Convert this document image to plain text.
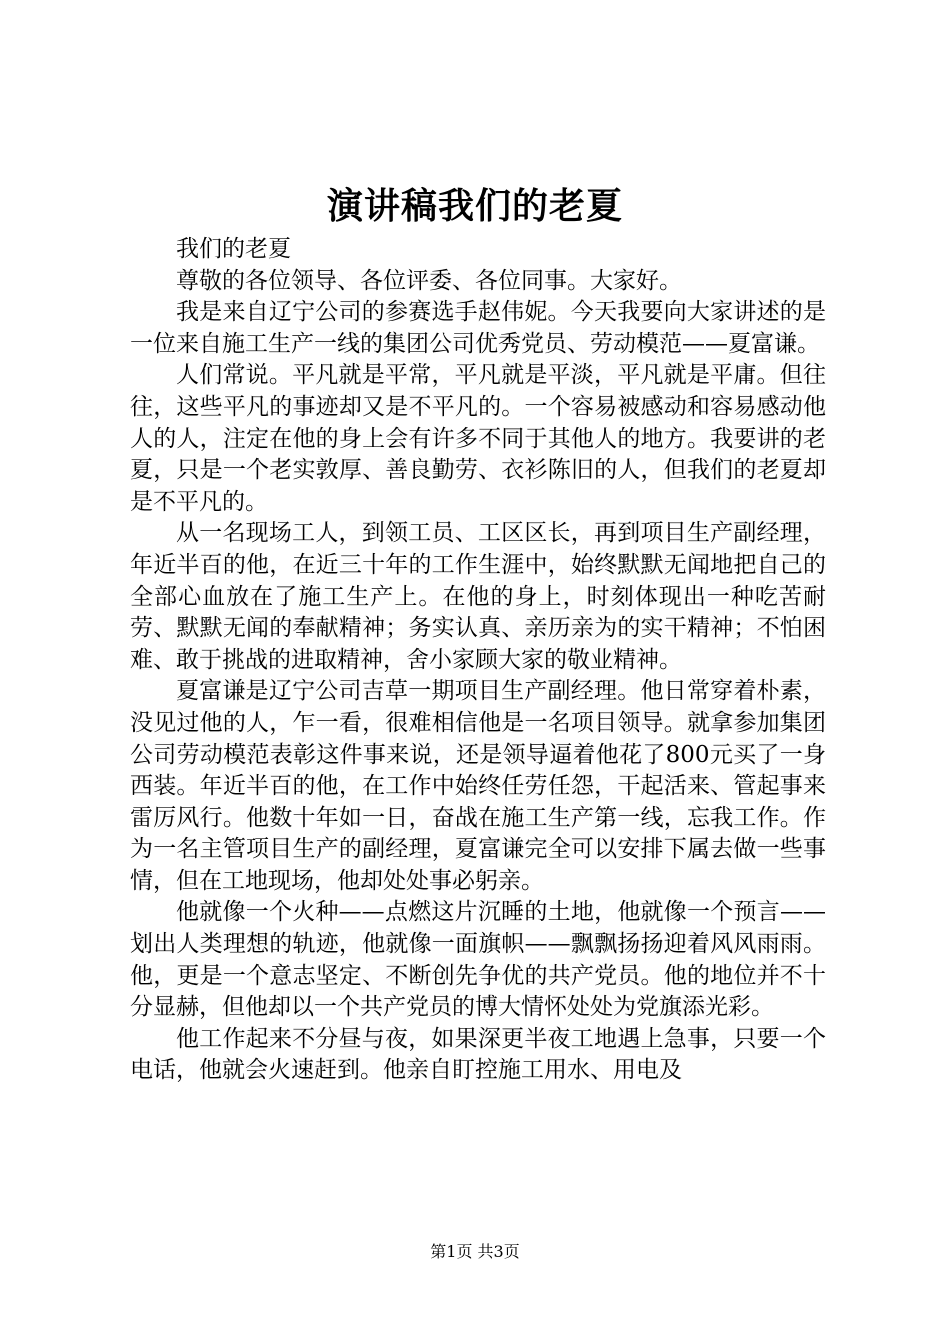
演讲稿我们的老夏

我们的老夏

尊敬的各位领导、各位评委、各位同事。大家好。

我是来自辽宁公司的参赛选手赵伟妮。今天我要向大家讲述的是一位来自施工生产一线的集团公司优秀党员、劳动模范——夏富谦。

人们常说。平凡就是平常，平凡就是平淡，平凡就是平庸。但往往，这些平凡的事迹却又是不平凡的。一个容易被感动和容易感动他人的人，注定在他的身上会有许多不同于其他人的地方。我要讲的老夏，只是一个老实敦厚、善良勤劳、衣衫陈旧的人，但我们的老夏却是不平凡的。

从一名现场工人，到领工员、工区区长，再到项目生产副经理，年近半百的他，在近三十年的工作生涯中，始终默默无闻地把自己的全部心血放在了施工生产上。在他的身上，时刻体现出一种吃苦耐劳、默默无闻的奉献精神；务实认真、亲历亲为的实干精神；不怕困难、敢于挑战的进取精神，舍小家顾大家的敬业精神。

夏富谦是辽宁公司吉草一期项目生产副经理。他日常穿着朴素，没见过他的人，乍一看，很难相信他是一名项目领导。就拿参加集团公司劳动模范表彰这件事来说，还是领导逼着他花了800元买了一身西装。年近半百的他，在工作中始终任劳任怨，干起活来、管起事来雷厉风行。他数十年如一日，奋战在施工生产第一线，忘我工作。作为一名主管项目生产的副经理，夏富谦完全可以安排下属去做一些事情，但在工地现场，他却处处事必躬亲。

他就像一个火种——点燃这片沉睡的土地，他就像一个预言——划出人类理想的轨迹，他就像一面旗帜——飘飘扬扬迎着风风雨雨。他，更是一个意志坚定、不断创先争优的共产党员。他的地位并不十分显赫，但他却以一个共产党员的博大情怀处处为党旗添光彩。

他工作起来不分昼与夜，如果深更半夜工地遇上急事，只要一个电话，他就会火速赶到。他亲自盯控施工用水、用电及

第1页 共3页
